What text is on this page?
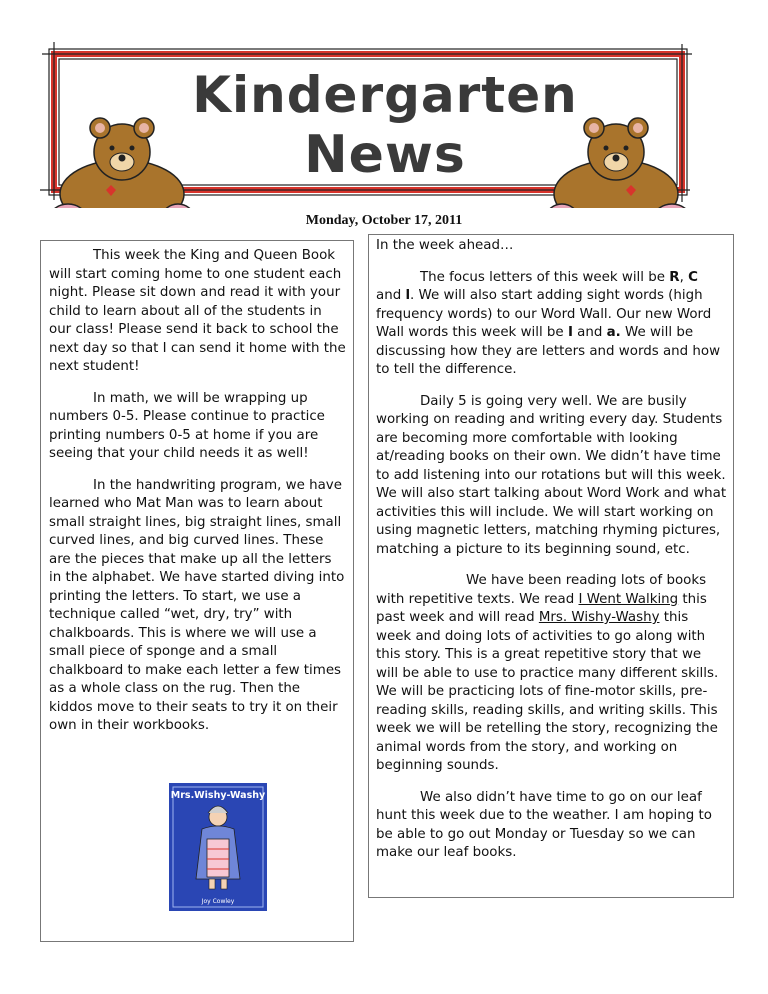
Kindergarten
News
Monday, October 17, 2011

This week the King and Queen Book will start coming home to one student each night. Please sit down and read it with your child to learn about all of the students in our class! Please send it back to school the next day so that I can send it home with the next student!

In math, we will be wrapping up numbers 0-5. Please continue to practice printing numbers 0-5 at home if you are seeing that your child needs it as well!

In the handwriting program, we have learned who Mat Man was to learn about small straight lines, big straight lines, small curved lines, and big curved lines. These are the pieces that make up all the letters in the alphabet. We have started diving into printing the letters. To start, we use a technique called “wet, dry, try” with chalkboards. This is where we will use a small piece of sponge and a small chalkboard to make each letter a few times as a whole class on the rug. Then the kiddos move to their seats to try it on their own in their workbooks.

Mrs.Wishy-Washy
Joy Cowley

In the week ahead…

The focus letters of this week will be R, C and l. We will also start adding sight words (high frequency words) to our Word Wall. Our new Word Wall words this week will be I and a. We will be discussing how they are letters and words and how to tell the difference.

Daily 5 is going very well. We are busily working on reading and writing every day. Students are becoming more comfortable with looking at/reading books on their own. We didn’t have time to add listening into our rotations but will this week. We will also start talking about Word Work and what activities this will include. We will start working on using magnetic letters, matching rhyming pictures, matching a picture to its beginning sound, etc.

We have been reading lots of books with repetitive texts. We read I Went Walking this past week and will read Mrs. Wishy-Washy this week and doing lots of activities to go along with this story. This is a great repetitive story that we will be able to use to practice many different skills. We will be practicing lots of fine-motor skills, pre-reading skills, reading skills, and writing skills. This week we will be retelling the story, recognizing the animal words from the story, and working on beginning sounds.

We also didn’t have time to go on our leaf hunt this week due to the weather. I am hoping to be able to go out Monday or Tuesday so we can make our leaf books.
